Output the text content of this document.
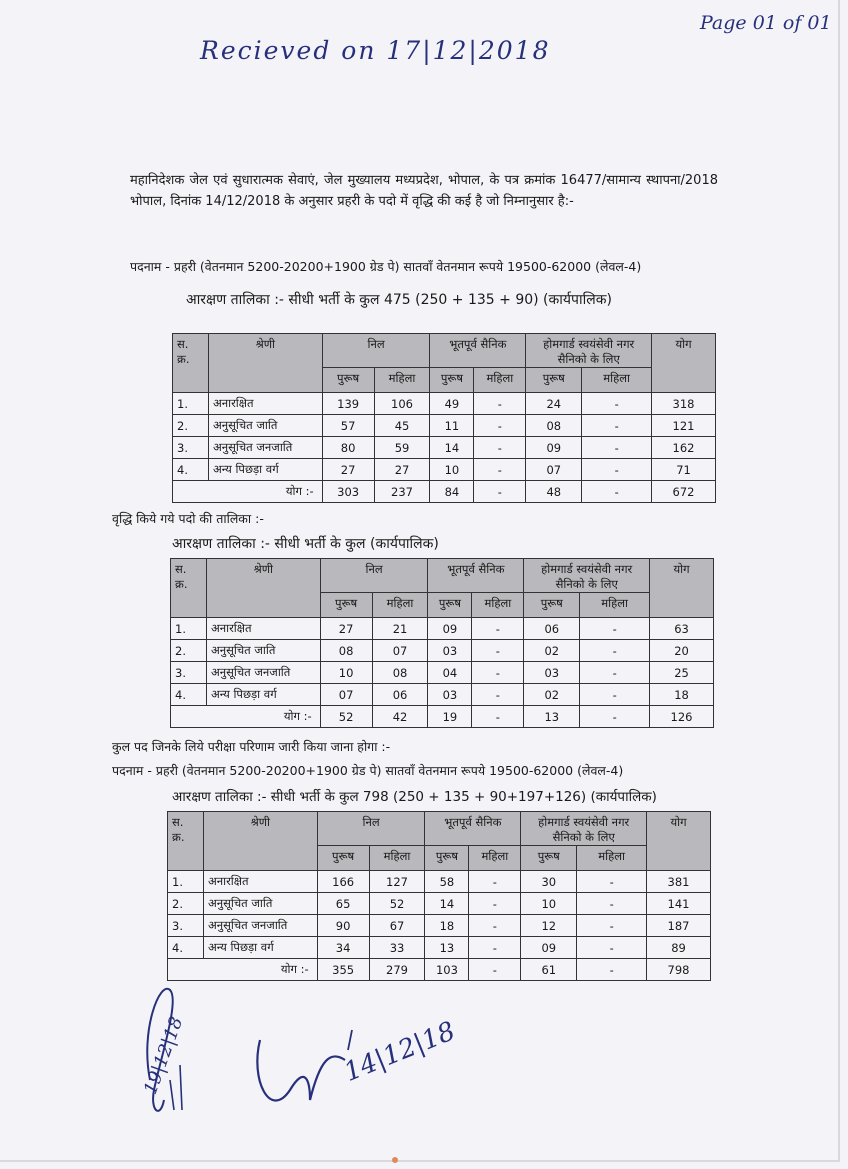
Page 01 of 01
Recieved on 17|12|2018
महानिदेशक जेल एवं सुधारात्मक सेवाएं, जेल मुख्यालय मध्यप्रदेश, भोपाल, के पत्र क्रमांक 16477/सामान्य स्थापना/2018 भोपाल, दिनांक 14/12/2018 के अनुसार प्रहरी के पदो में वृद्धि की कई है जो निम्नानुसार है:-
पदनाम - प्रहरी (वेतनमान 5200-20200+1900 ग्रेड पे) सातवाँ वेतनमान रूपये 19500-62000 (लेवल-4)
आरक्षण तालिका :- सीधी भर्ती के कुल 475 (250 + 135 + 90) (कार्यपालिक)
स. क्र.	श्रेणी	निल		भूतपूर्व सैनिक		होमगार्ड स्वयंसेवी नगर सैनिको के लिए		योग
		पुरूष	महिला	पुरूष	महिला	पुरूष	महिला	
1.	अनारक्षित	139	106	49	-	24	-	318
2.	अनुसूचित जाति	57	45	11	-	08	-	121
3.	अनुसूचित जनजाति	80	59	14	-	09	-	162
4.	अन्य पिछड़ा वर्ग	27	27	10	-	07	-	71
योग :-		303	237	84	-	48	-	672
वृद्धि किये गये पदो की तालिका :-
आरक्षण तालिका :- सीधी भर्ती के कुल (कार्यपालिक)
स. क्र.	श्रेणी	निल		भूतपूर्व सैनिक		होमगार्ड स्वयंसेवी नगर सैनिको के लिए		योग
		पुरूष	महिला	पुरूष	महिला	पुरूष	महिला	
1.	अनारक्षित	27	21	09	-	06	-	63
2.	अनुसूचित जाति	08	07	03	-	02	-	20
3.	अनुसूचित जनजाति	10	08	04	-	03	-	25
4.	अन्य पिछड़ा वर्ग	07	06	03	-	02	-	18
योग :-		52	42	19	-	13	-	126
कुल पद जिनके लिये परीक्षा परिणाम जारी किया जाना होगा :-
पदनाम - प्रहरी (वेतनमान 5200-20200+1900 ग्रेड पे) सातवाँ वेतनमान रूपये 19500-62000 (लेवल-4)
आरक्षण तालिका :- सीधी भर्ती के कुल 798 (250 + 135 + 90+197+126) (कार्यपालिक)
स. क्र.	श्रेणी	निल		भूतपूर्व सैनिक		होमगार्ड स्वयंसेवी नगर सैनिको के लिए		योग
		पुरूष	महिला	पुरूष	महिला	पुरूष	महिला	
1.	अनारक्षित	166	127	58	-	30	-	381
2.	अनुसूचित जाति	65	52	14	-	10	-	141
3.	अनुसूचित जनजाति	90	67	18	-	12	-	187
4.	अन्य पिछड़ा वर्ग	34	33	13	-	09	-	89
योग :-		355	279	103	-	61	-	798
19|12|18	14|12|18
